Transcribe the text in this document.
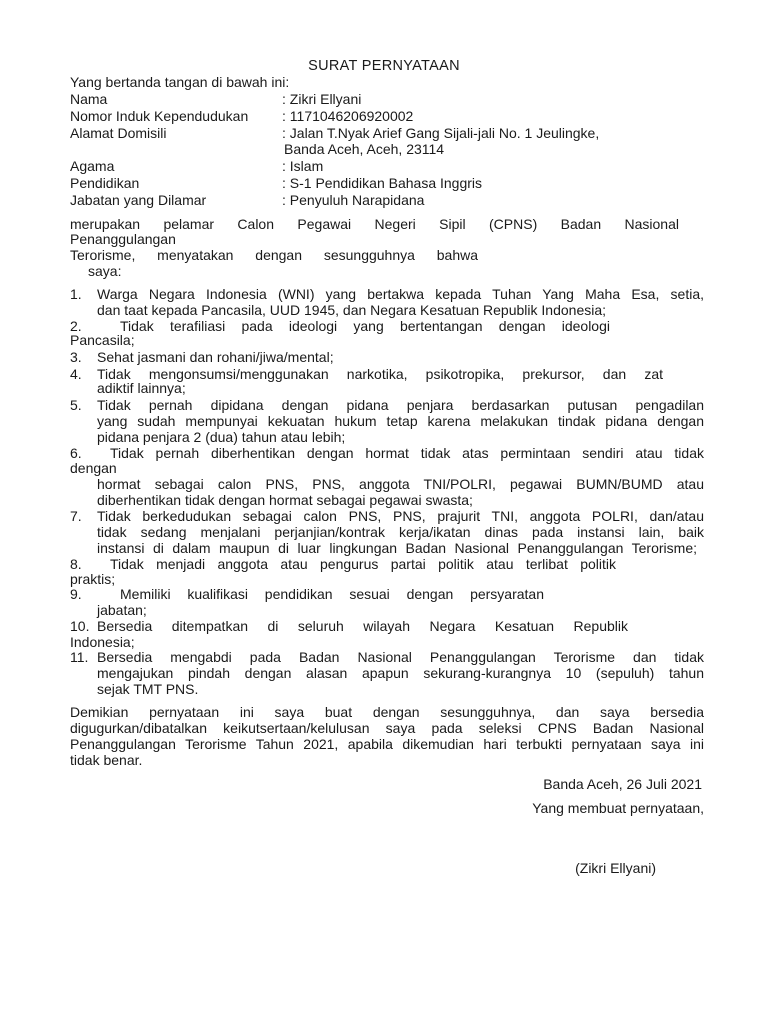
SURAT PERNYATAAN
Yang bertanda tangan di bawah ini:
Nama	: Zikri Ellyani
Nomor Induk Kependudukan : 1171046206920002
Alamat Domisili	: Jalan T.Nyak Arief Gang Sijali-jali No. 1 Jeulingke,
Banda Aceh, Aceh, 23114
Agama	: Islam
Pendidikan	: S-1 Pendidikan Bahasa Inggris
Jabatan yang Dilamar	: Penyuluh Narapidana
merupakan pelamar Calon Pegawai Negeri Sipil (CPNS) Badan Nasional
Penanggulangan
Terorisme, menyatakan dengan sesungguhnya bahwa
saya:
1. Warga Negara Indonesia (WNI) yang bertakwa kepada Tuhan Yang Maha Esa, setia,
dan taat kepada Pancasila, UUD 1945, dan Negara Kesatuan Republik Indonesia;
2.	Tidak terafiliasi pada ideologi yang bertentangan dengan ideologi
Pancasila;
3. Sehat jasmani dan rohani/jiwa/mental;
4. Tidak mengonsumsi/menggunakan narkotika, psikotropika, prekursor, dan zat
adiktif lainnya;
5. Tidak pernah dipidana dengan pidana penjara berdasarkan putusan pengadilan
yang sudah mempunyai kekuatan hukum tetap karena melakukan tindak pidana dengan
pidana penjara 2 (dua) tahun atau lebih;
6. Tidak pernah diberhentikan dengan hormat tidak atas permintaan sendiri atau tidak
dengan
hormat sebagai calon PNS, PNS, anggota TNI/POLRI, pegawai BUMN/BUMD atau
diberhentikan tidak dengan hormat sebagai pegawai swasta;
7. Tidak berkedudukan sebagai calon PNS, PNS, prajurit TNI, anggota POLRI, dan/atau
tidak sedang menjalani perjanjian/kontrak kerja/ikatan dinas pada instansi lain, baik
instansi di dalam maupun di luar lingkungan Badan Nasional Penanggulangan Terorisme;
8. Tidak menjadi anggota atau pengurus partai politik atau terlibat politik
praktis;
9.	Memiliki kualifikasi pendidikan sesuai dengan persyaratan
jabatan;
10. Bersedia ditempatkan di seluruh wilayah Negara Kesatuan Republik
Indonesia;
11. Bersedia mengabdi pada Badan Nasional Penanggulangan Terorisme dan tidak
mengajukan pindah dengan alasan apapun sekurang-kurangnya 10 (sepuluh) tahun
sejak TMT PNS.
Demikian pernyataan ini saya buat dengan sesungguhnya, dan saya bersedia
digugurkan/dibatalkan keikutsertaan/kelulusan saya pada seleksi CPNS Badan Nasional
Penanggulangan Terorisme Tahun 2021, apabila dikemudian hari terbukti pernyataan saya ini
tidak benar.
Banda Aceh, 26 Juli 2021
Yang membuat pernyataan,
(Zikri Ellyani)
